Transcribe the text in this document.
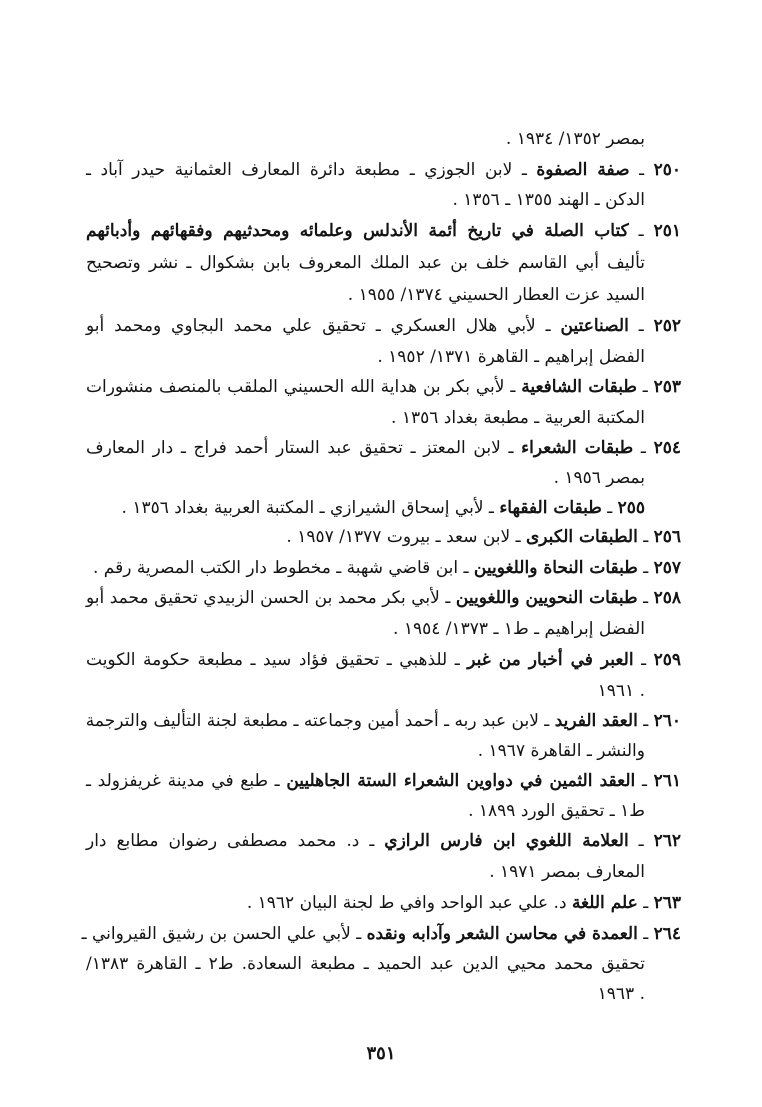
بمصر ١٣٥٢/ ١٩٣٤ .
٢٥٠ ـ صفة الصفوة ـ لابن الجوزي ـ مطبعة دائرة المعارف العثمانية حيدر آباد ـ
الدكن ـ الهند ١٣٥٥ ـ ١٣٥٦ .
٢٥١ ـ كتاب الصلة في تاريخ أئمة الأندلس وعلمائه ومحدثيهم وفقهائهم وأدبائهم
تأليف أبي القاسم خلف بن عبد الملك المعروف بابن بشكوال ـ نشر وتصحيح
السيد عزت العطار الحسيني ١٣٧٤/ ١٩٥٥ .
٢٥٢ ـ الصناعتين ـ لأبي هلال العسكري ـ تحقيق علي محمد البجاوي ومحمد أبو
الفضل إبراهيم ـ القاهرة ١٣٧١/ ١٩٥٢ .
٢٥٣ ـ طبقات الشافعية ـ لأبي بكر بن هداية الله الحسيني الملقب بالمنصف منشورات
المكتبة العربية ـ مطبعة بغداد ١٣٥٦ .
٢٥٤ ـ طبقات الشعراء ـ لابن المعتز ـ تحقيق عبد الستار أحمد فراج ـ دار المعارف
بمصر ١٩٥٦ .
٢٥٥ ـ طبقات الفقهاء ـ لأبي إسحاق الشيرازي ـ المكتبة العربية بغداد ١٣٥٦ .
٢٥٦ ـ الطبقات الكبرى ـ لابن سعد ـ بيروت ١٣٧٧/ ١٩٥٧ .
٢٥٧ ـ طبقات النحاة واللغويين ـ ابن قاضي شهبة ـ مخطوط دار الكتب المصرية رقم .
٢٥٨ ـ طبقات النحويين واللغويين ـ لأبي بكر محمد بن الحسن الزبيدي تحقيق محمد أبو
الفضل إبراهيم ـ ط١ ـ ١٣٧٣/ ١٩٥٤ .
٢٥٩ ـ العبر في أخبار من غبر ـ للذهبي ـ تحقيق فؤاد سيد ـ مطبعة حكومة الكويت
١٩٦١ .
٢٦٠ ـ العقد الفريد ـ لابن عبد ربه ـ أحمد أمين وجماعته ـ مطبعة لجنة التأليف والترجمة
والنشر ـ القاهرة ١٩٦٧ .
٢٦١ ـ العقد الثمين في دواوين الشعراء الستة الجاهليين ـ طبع في مدينة غريفزولد ـ
ط١ ـ تحقيق الورد ١٨٩٩ .
٢٦٢ ـ العلامة اللغوي ابن فارس الرازي ـ د. محمد مصطفى رضوان مطابع دار
المعارف بمصر ١٩٧١ .
٢٦٣ ـ علم اللغة د. علي عبد الواحد وافي ط لجنة البيان ١٩٦٢ .
٢٦٤ ـ العمدة في محاسن الشعر وآدابه ونقده ـ لأبي علي الحسن بن رشيق القيرواني ـ
تحقيق محمد محيي الدين عبد الحميد ـ مطبعة السعادة. ط٢ ـ القاهرة ١٣٨٣/
١٩٦٣ .
٣٥١
